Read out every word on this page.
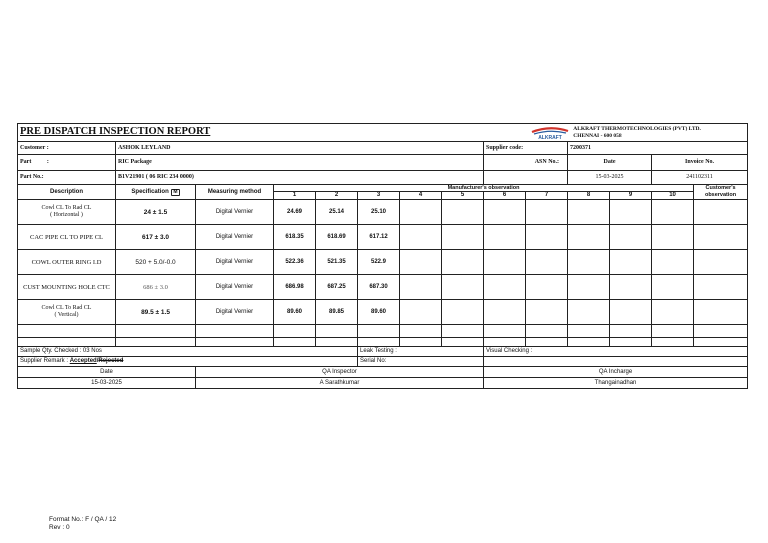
PRE DISPATCH INSPECTION REPORT									ALKRAFT
ALKRAFT THERMOTECHNOLOGIES (PVT) LTD.
CHENNAI - 600 058					
Customer :	ASHOK LEYLAND							Supplier code:		7200371				
Part :	RIC Package							ASN No.:		Date		Invoice No.	
Part No.:	B1V21901 ( 06 RIC 234 0000)									15-03-2025		241102311	
Description	Specification M	Measuring method	Manufacturer's observation										Customer's observation	
			1	2	3	4	5	6	7	8	9	10		
Cowl CL To Rad CL
( Horizontal )	24 ± 1.5	Digital Vernier	24.69	25.14	25.10									
CAC PIPE CL TO PIPE CL	617 ± 3.0	Digital Vernier	618.35	618.69	617.12									
COWL OUTER RING I.D	520 + 5.0/-0.0	Digital Vernier	522.36	521.35	522.9									
CUST MOUNTING HOLE CTC	686 ± 3.0	Digital Vernier	686.98	687.25	687.30									
Cowl CL To Rad CL
( Vertical)	89.5 ± 1.5	Digital Vernier	89.60	89.85	89.60									

Sample Qty. Checked : 03 Nos					Leak Testing :			Visual Checking :						
Supplier Remark : Accepted/Rejected					Serial No:									
Date		QA Inspector						QA Incharge						
15-03-2025		A Sarathkumar						Thangainadhan						
Format No.: F / QA / 12
Rev : 0
